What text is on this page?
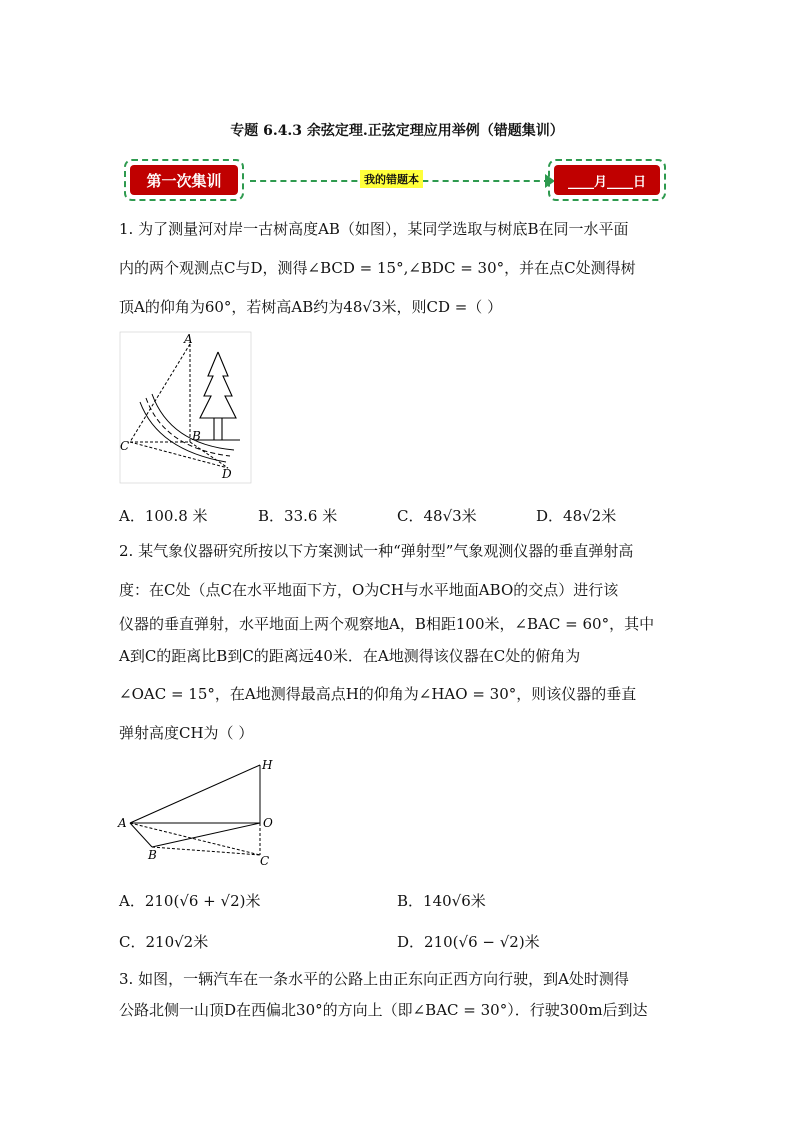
专题 6.4.3 余弦定理.正弦定理应用举例（错题集训）
第一次集训	我的错题本	____月____日
1. 为了测量河对岸一古树高度AB（如图），某同学选取与树底B在同一水平面
内的两个观测点C与D，测得∠BCD = 15°,∠BDC = 30°，并在点C处测得树
顶A的仰角为60°，若树高AB约为48√3米，则CD =（ ）
A
B
C
D
A．100.8 米	B．33.6 米	C．48√3米	D．48√2米
2. 某气象仪器研究所按以下方案测试一种“弹射型”气象观测仪器的垂直弹射高
度：在C处（点C在水平地面下方，O为CH与水平地面ABO的交点）进行该
仪器的垂直弹射，水平地面上两个观察地A，B相距100米，∠BAC = 60°，其中
A到C的距离比B到C的距离远40米．在A地测得该仪器在C处的俯角为
∠OAC = 15°，在A地测得最高点H的仰角为∠HAO = 30°，则该仪器的垂直
弹射高度CH为（ ）
H
A	O
B	C
A．210(√6 + √2)米	B．140√6米
C．210√2米	D．210(√6 − √2)米
3. 如图，一辆汽车在一条水平的公路上由正东向正西方向行驶，到A处时测得
公路北侧一山顶D在西偏北30°的方向上（即∠BAC = 30°）．行驶300m后到达
